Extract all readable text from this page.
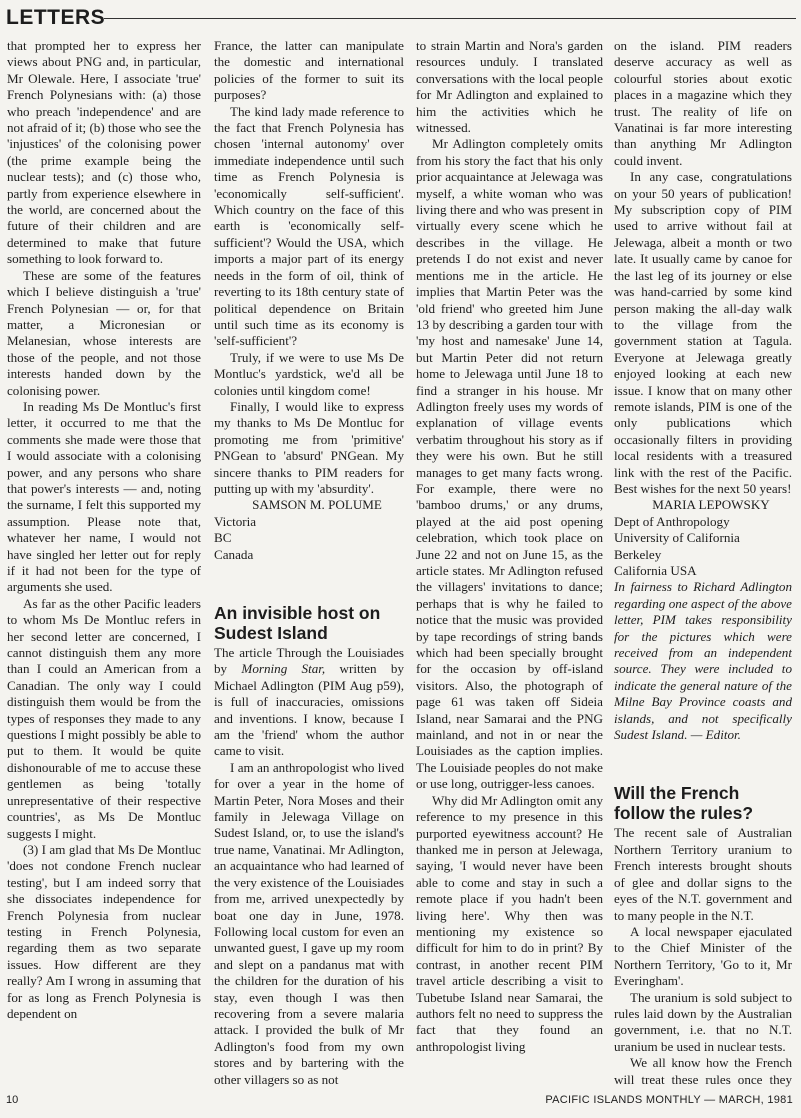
LETTERS

that prompted her to express her views about PNG and, in particular, Mr Olewale. Here, I associate 'true' French Polynesians with: (a) those who preach 'independence' and are not afraid of it; (b) those who see the 'injustices' of the colonising power (the prime example being the nuclear tests); and (c) those who, partly from experience elsewhere in the world, are concerned about the future of their children and are determined to make that future something to look forward to.

These are some of the features which I believe distinguish a 'true' French Polynesian — or, for that matter, a Micronesian or Melanesian, whose interests are those of the people, and not those interests handed down by the colonising power.

In reading Ms De Montluc's first letter, it occurred to me that the comments she made were those that I would associate with a colonising power, and any persons who share that power's interests — and, noting the surname, I felt this supported my assumption. Please note that, whatever her name, I would not have singled her letter out for reply if it had not been for the type of arguments she used.

As far as the other Pacific leaders to whom Ms De Montluc refers in her second letter are concerned, I cannot distinguish them any more than I could an American from a Canadian. The only way I could distinguish them would be from the types of responses they made to any questions I might possibly be able to put to them. It would be quite dishonourable of me to accuse these gentlemen as being 'totally unrepresentative of their respective countries', as Ms De Montluc suggests I might.

(3) I am glad that Ms De Montluc 'does not condone French nuclear testing', but I am indeed sorry that she dissociates independence for French Polynesia from nuclear testing in French Polynesia, regarding them as two separate issues. How different are they really? Am I wrong in assuming that for as long as French Polynesia is dependent on

France, the latter can manipulate the domestic and international policies of the former to suit its purposes?

The kind lady made reference to the fact that French Polynesia has chosen 'internal autonomy' over immediate independence until such time as French Polynesia is 'economically self-sufficient'. Which country on the face of this earth is 'economically self-sufficient'? Would the USA, which imports a major part of its energy needs in the form of oil, think of reverting to its 18th century state of political dependence on Britain until such time as its economy is 'self-sufficient'?

Truly, if we were to use Ms De Montluc's yardstick, we'd all be colonies until kingdom come!

Finally, I would like to express my thanks to Ms De Montluc for promoting me from 'primitive' PNGean to 'absurd' PNGean. My sincere thanks to PIM readers for putting up with my 'absurdity'.

SAMSON M. POLUME

Victoria
BC
Canada
An invisible host on Sudest Island

The article Through the Louisiades by Morning Star, written by Michael Adlington (PIM Aug p59), is full of inaccuracies, omissions and inventions. I know, because I am the 'friend' whom the author came to visit.

I am an anthropologist who lived for over a year in the home of Martin Peter, Nora Moses and their family in Jelewaga Village on Sudest Island, or, to use the island's true name, Vanatinai. Mr Adlington, an acquaintance who had learned of the very existence of the Louisiades from me, arrived unexpectedly by boat one day in June, 1978. Following local custom for even an unwanted guest, I gave up my room and slept on a pandanus mat with the children for the duration of his stay, even though I was then recovering from a severe malaria attack. I provided the bulk of Mr Adlington's food from my own stores and by bartering with the other villagers so as not

to strain Martin and Nora's garden resources unduly. I translated conversations with the local people for Mr Adlington and explained to him the activities which he witnessed.

Mr Adlington completely omits from his story the fact that his only prior acquaintance at Jelewaga was myself, a white woman who was living there and who was present in virtually every scene which he describes in the village. He pretends I do not exist and never mentions me in the article. He implies that Martin Peter was the 'old friend' who greeted him June 13 by describing a garden tour with 'my host and namesake' June 14, but Martin Peter did not return home to Jelewaga until June 18 to find a stranger in his house. Mr Adlington freely uses my words of explanation of village events verbatim throughout his story as if they were his own. But he still manages to get many facts wrong. For example, there were no 'bamboo drums,' or any drums, played at the aid post opening celebration, which took place on June 22 and not on June 15, as the article states. Mr Adlington refused the villagers' invitations to dance; perhaps that is why he failed to notice that the music was provided by tape recordings of string bands which had been specially brought for the occasion by off-island visitors. Also, the photograph of page 61 was taken off Sideia Island, near Samarai and the PNG mainland, and not in or near the Louisiades as the caption implies. The Louisiade peoples do not make or use long, outrigger-less canoes.

Why did Mr Adlington omit any reference to my presence in this purported eyewitness account? He thanked me in person at Jelewaga, saying, 'I would never have been able to come and stay in such a remote place if you hadn't been living here'. Why then was mentioning my existence so difficult for him to do in print? By contrast, in another recent PIM travel article describing a visit to Tubetube Island near Samarai, the authors felt no need to suppress the fact that they found an anthropologist living

on the island. PIM readers deserve accuracy as well as colourful stories about exotic places in a magazine which they trust. The reality of life on Vanatinai is far more interesting than anything Mr Adlington could invent.

In any case, congratulations on your 50 years of publication! My subscription copy of PIM used to arrive without fail at Jelewaga, albeit a month or two late. It usually came by canoe for the last leg of its journey or else was hand-carried by some kind person making the all-day walk to the village from the government station at Tagula. Everyone at Jelewaga greatly enjoyed looking at each new issue. I know that on many other remote islands, PIM is one of the only publications which occasionally filters in providing local residents with a treasured link with the rest of the Pacific. Best wishes for the next 50 years!

MARIA LEPOWSKY

Dept of Anthropology
University of California
Berkeley
California USA

In fairness to Richard Adlington regarding one aspect of the above letter, PIM takes responsibility for the pictures which were received from an independent source. They were included to indicate the general nature of the Milne Bay Province coasts and islands, and not specifically Sudest Island. — Editor.

Will the French follow the rules?

The recent sale of Australian Northern Territory uranium to French interests brought shouts of glee and dollar signs to the eyes of the N.T. government and to many people in the N.T.

A local newspaper ejaculated to the Chief Minister of the Northern Territory, 'Go to it, Mr Everingham'.

The uranium is sold subject to rules laid down by the Australian government, i.e. that no N.T. uranium be used in nuclear tests.

We all know how the French will treat these rules once they

10	PACIFIC ISLANDS MONTHLY — MARCH, 1981
